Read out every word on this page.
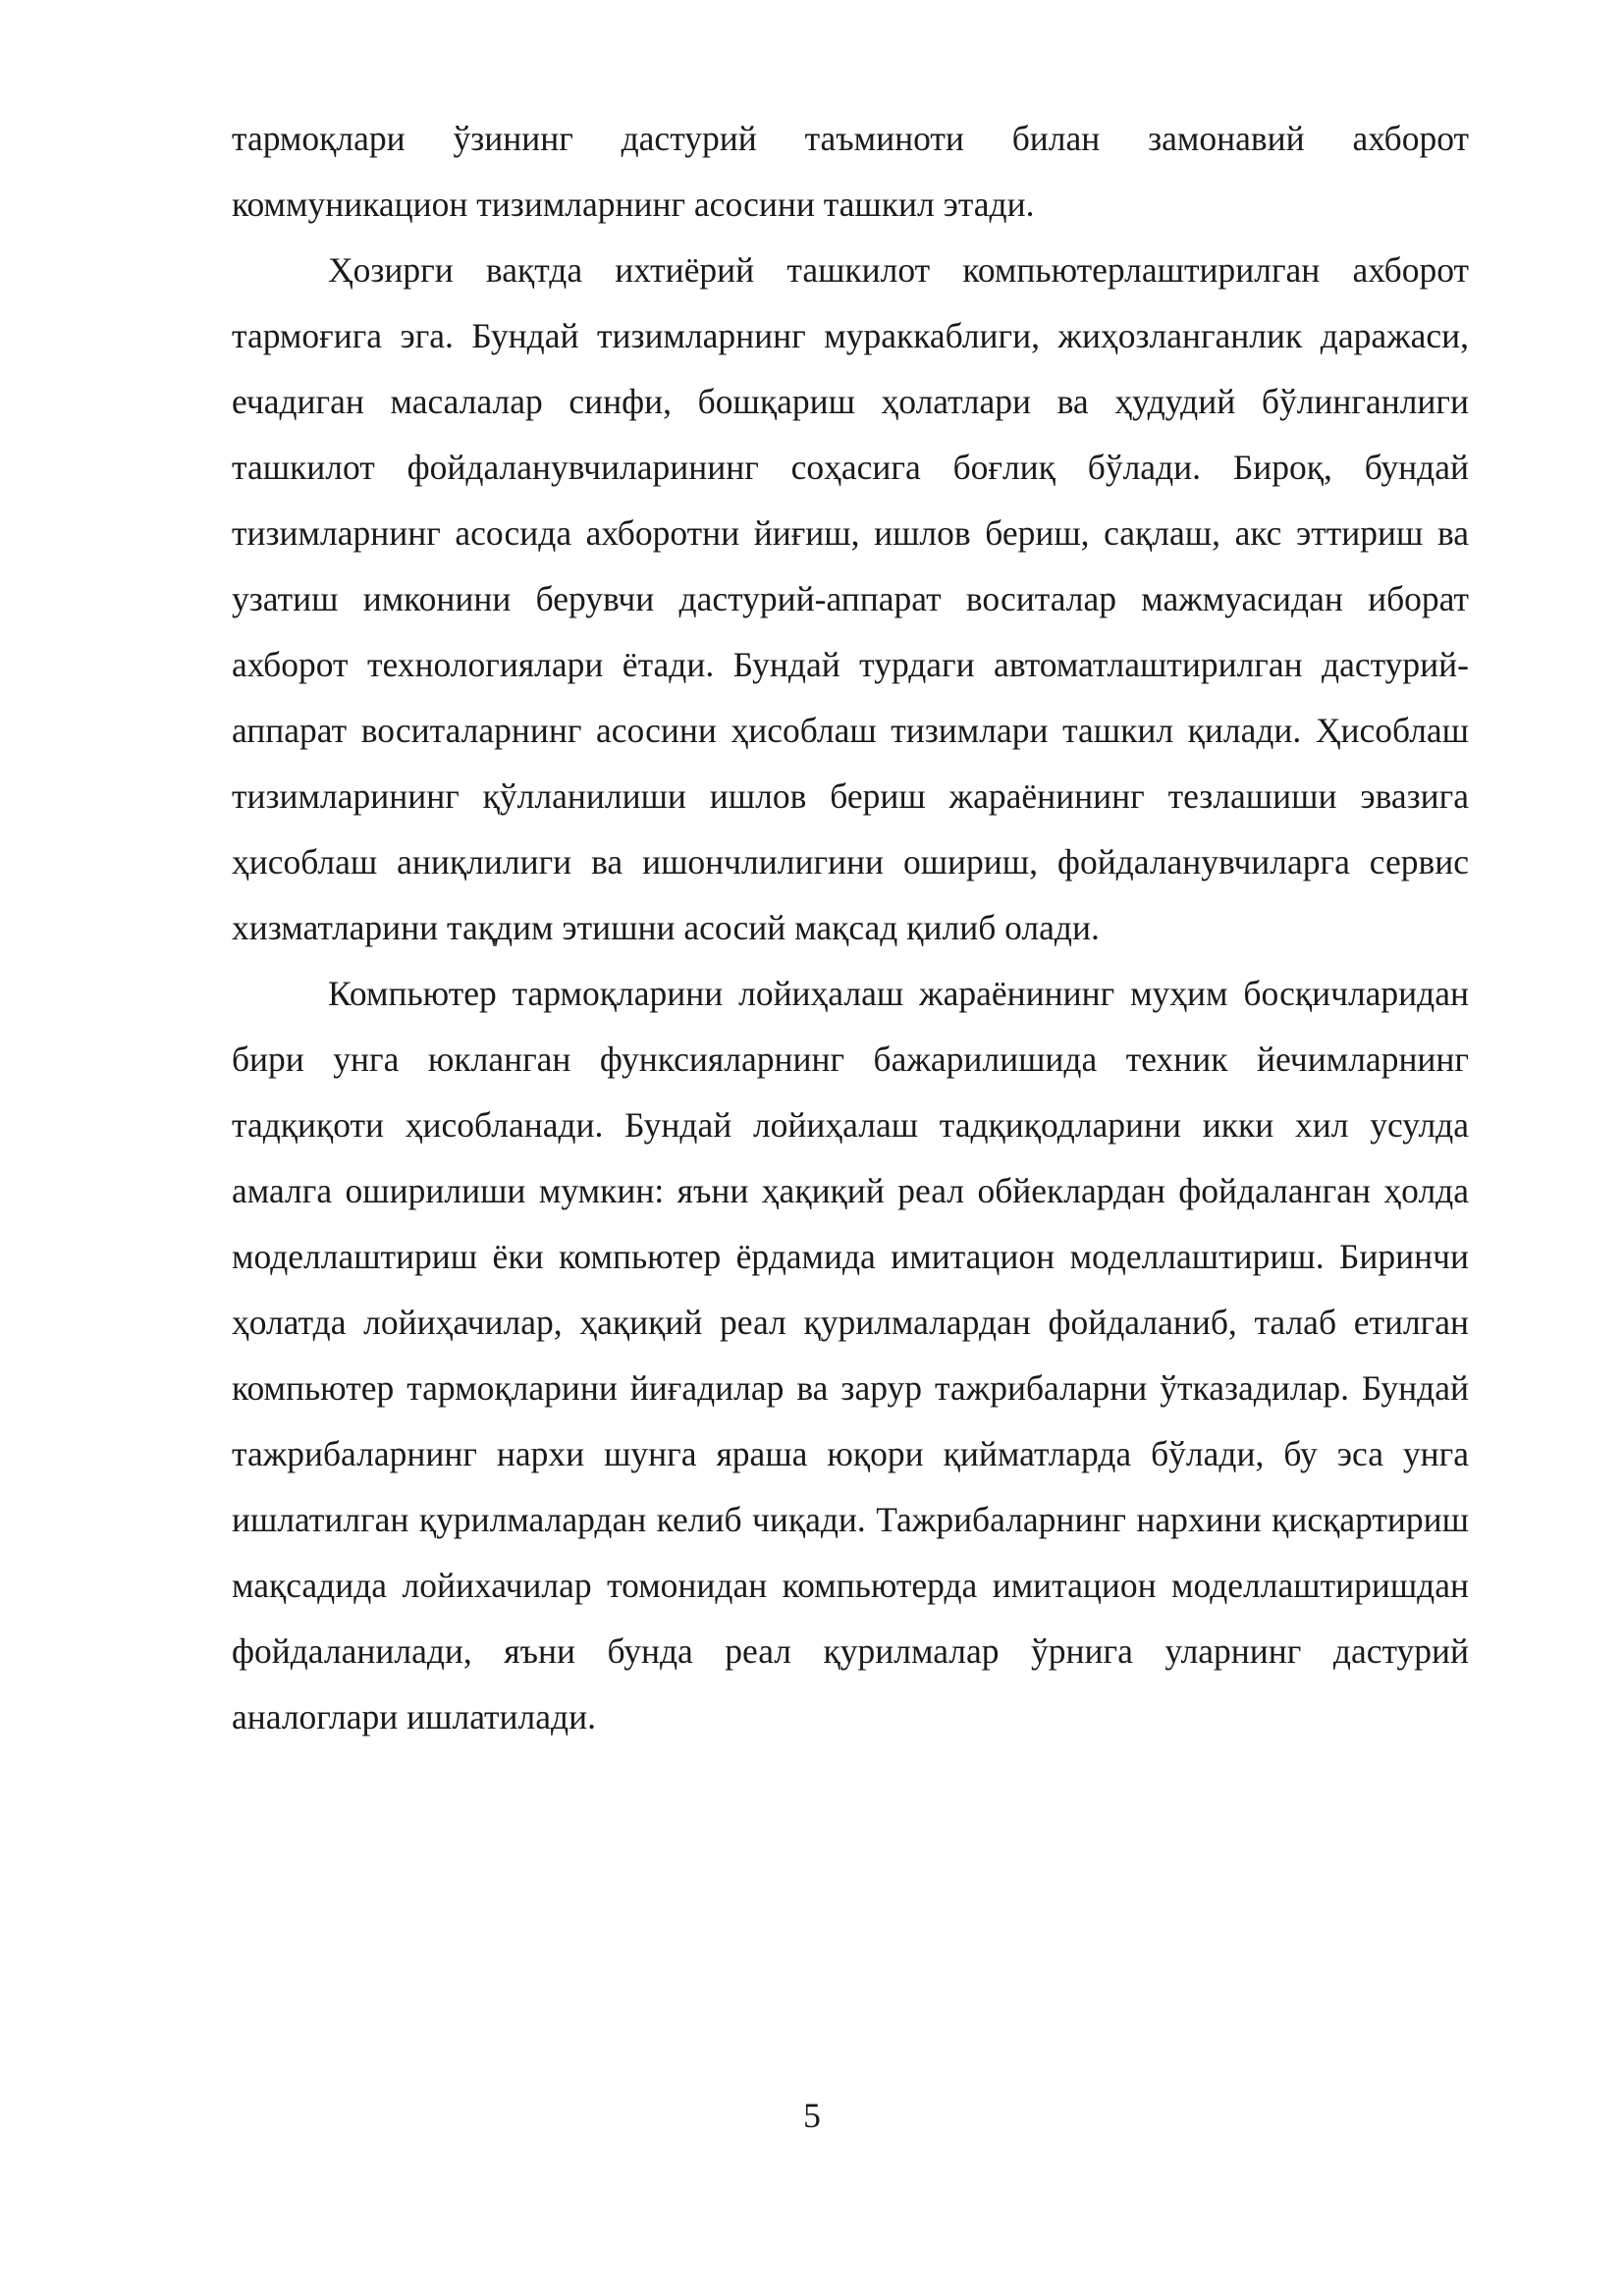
тармоқлари ўзининг дастурий таъминоти билан замонавий ахборот коммуникацион тизимларнинг асосини ташкил этади.

Ҳозирги вақтда ихтиёрий ташкилот компьютерлаштирилган ахборот тармоғига эга. Бундай тизимларнинг мураккаблиги, жиҳозланганлик даражаси, ечадиган масалалар синфи, бошқариш ҳолатлари ва ҳудудий бўлинганлиги ташкилот фойдаланувчиларининг соҳасига боғлиқ бўлади. Бироқ, бундай тизимларнинг асосида ахборотни йиғиш, ишлов бериш, сақлаш, акс эттириш ва узатиш имконини берувчи дастурий-аппарат воситалар мажмуасидан иборат ахборот технологиялари ётади. Бундай турдаги автоматлаштирилган дастурий-аппарат воситаларнинг асосини ҳисоблаш тизимлари ташкил қилади. Ҳисоблаш тизимларининг қўлланилиши ишлов бериш жараёнининг тезлашиши эвазига ҳисоблаш аниқлилиги ва ишончлилигини ошириш, фойдаланувчиларга сервис хизматларини тақдим этишни асосий мақсад қилиб олади.

Компьютер тармоқларини лойиҳалаш жараёнининг муҳим босқичларидан бири унга юкланган функсияларнинг бажарилишида техник йечимларнинг тадқиқоти ҳисобланади. Бундай лойиҳалаш тадқиқодларини икки хил усулда амалга оширилиши мумкин: яъни ҳақиқий реал обйеклардан фойдаланган ҳолда моделлаштириш ёки компьютер ёрдамида имитацион моделлаштириш. Биринчи ҳолатда лойиҳачилар, ҳақиқий реал қурилмалардан фойдаланиб, талаб етилган компьютер тармоқларини йиғадилар ва зарур тажрибаларни ўтказадилар. Бундай тажрибаларнинг нархи шунга яраша юқори қийматларда бўлади, бу эса унга ишлатилган қурилмалардан келиб чиқади. Тажрибаларнинг нархини қисқартириш мақсадида лойихачилар томонидан компьютерда имитацион моделлаштиришдан фойдаланилади, яъни бунда реал қурилмалар ўрнига уларнинг дастурий аналоглари ишлатилади.

5
